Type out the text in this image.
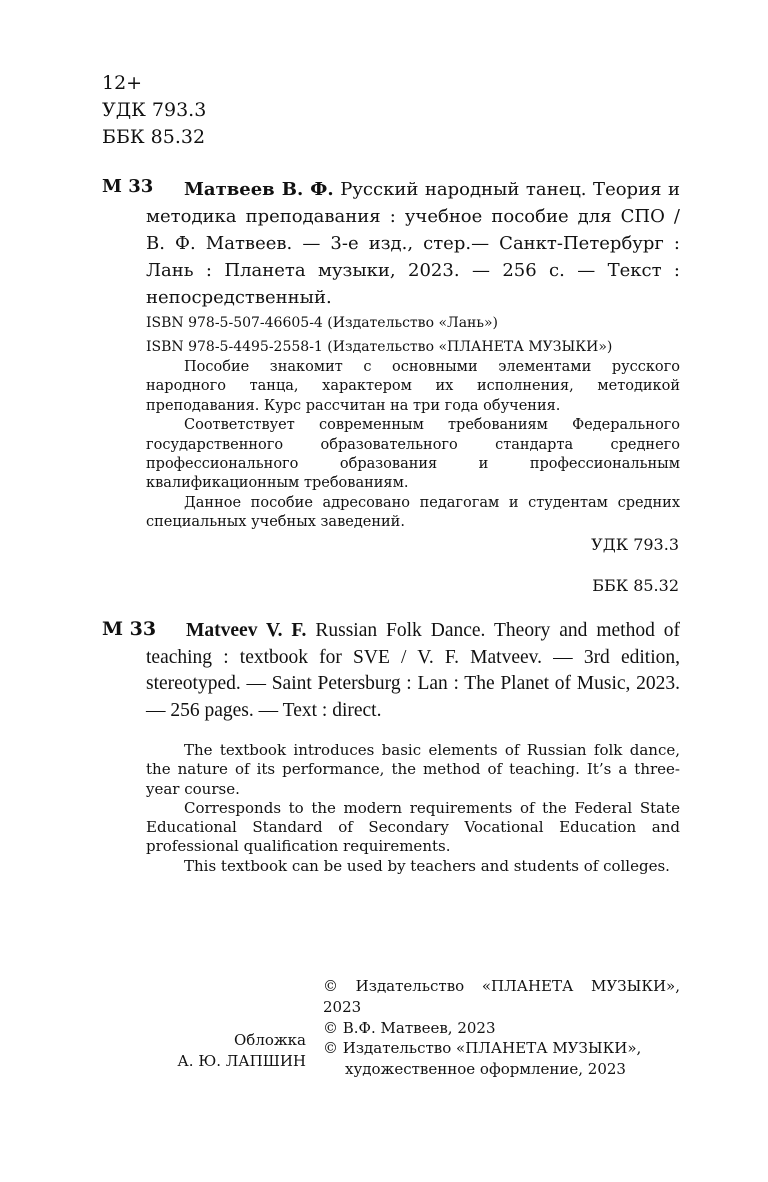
12+
УДК 793.3
ББК 85.32
М 33	Матвеев В. Ф. Русский народный танец. Теория и методика преподавания : учебное пособие для СПО / В. Ф. Матвеев. — 3-е изд., стер.— Санкт-Петербург : Лань : Планета музыки, 2023. — 256 с. — Текст : непосредственный.
ISBN 978-5-507-46605-4 (Издательство «Лань»)
ISBN 978-5-4495-2558-1 (Издательство «ПЛАНЕТА МУЗЫКИ»)

Пособие знакомит с основными элементами русского народного танца, характером их исполнения, методикой преподавания. Курс рассчитан на три года обучения.

Соответствует современным требованиям Федерального государственного образовательного стандарта среднего профессионального образования и профессиональным квалификационным требованиям.

Данное пособие адресовано педагогам и студентам средних специальных учебных заведений.

УДК 793.3
ББК 85.32
M 33	Matveev V. F. Russian Folk Dance. Theory and method of teaching : textbook for SVE / V. F. Matveev. — 3rd edition, stereotyped. — Saint Petersburg : Lan : The Planet of Music, 2023. — 256 pages. — Text : direct.

The textbook introduces basic elements of Russian folk dance, the nature of its performance, the method of teaching. It’s a three-year course.

Corresponds to the modern requirements of the Federal State Educational Standard of Secondary Vocational Education and professional qualification requirements.

This textbook can be used by teachers and students of colleges.

Обложка
А. Ю. ЛАПШИН
© Издательство «ПЛАНЕТА МУЗЫКИ», 2023
© В.Ф. Матвеев, 2023
© Издательство «ПЛАНЕТА МУЗЫКИ»,
художественное оформление, 2023
